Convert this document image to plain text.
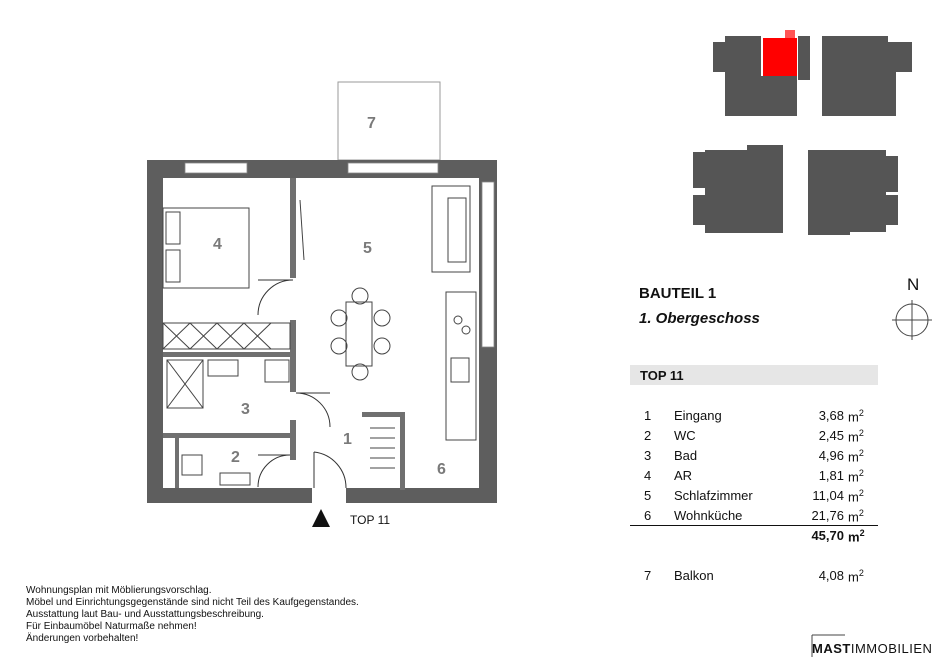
1
2
3
4	5
6
7
BAUTEIL 1
1. Obergeschoss
N
TOP 11
TOP 11
1 Eingang	3,68 $m^2$
2 WC	2,45 $m^2$
3 Bad	4,96 $m^2$
4 AR	1,81 $m^2$
5 Schlafzimmer	11,04 $m^2$
6 Wohnküche	21,76 $m^2$
45,70 $m^2$
7 Balkon	4,08 $m^2$
Wohnungsplan mit Möblierungsvorschlag.
Möbel und Einrichtungsgegenstände sind nicht Teil des Kaufgegenstandes.
Ausstattung laut Bau- und Ausstattungsbeschreibung.
Für Einbaumöbel Naturmaße nehmen!
Änderungen vorbehalten!
MASTIMMOBILIEN
